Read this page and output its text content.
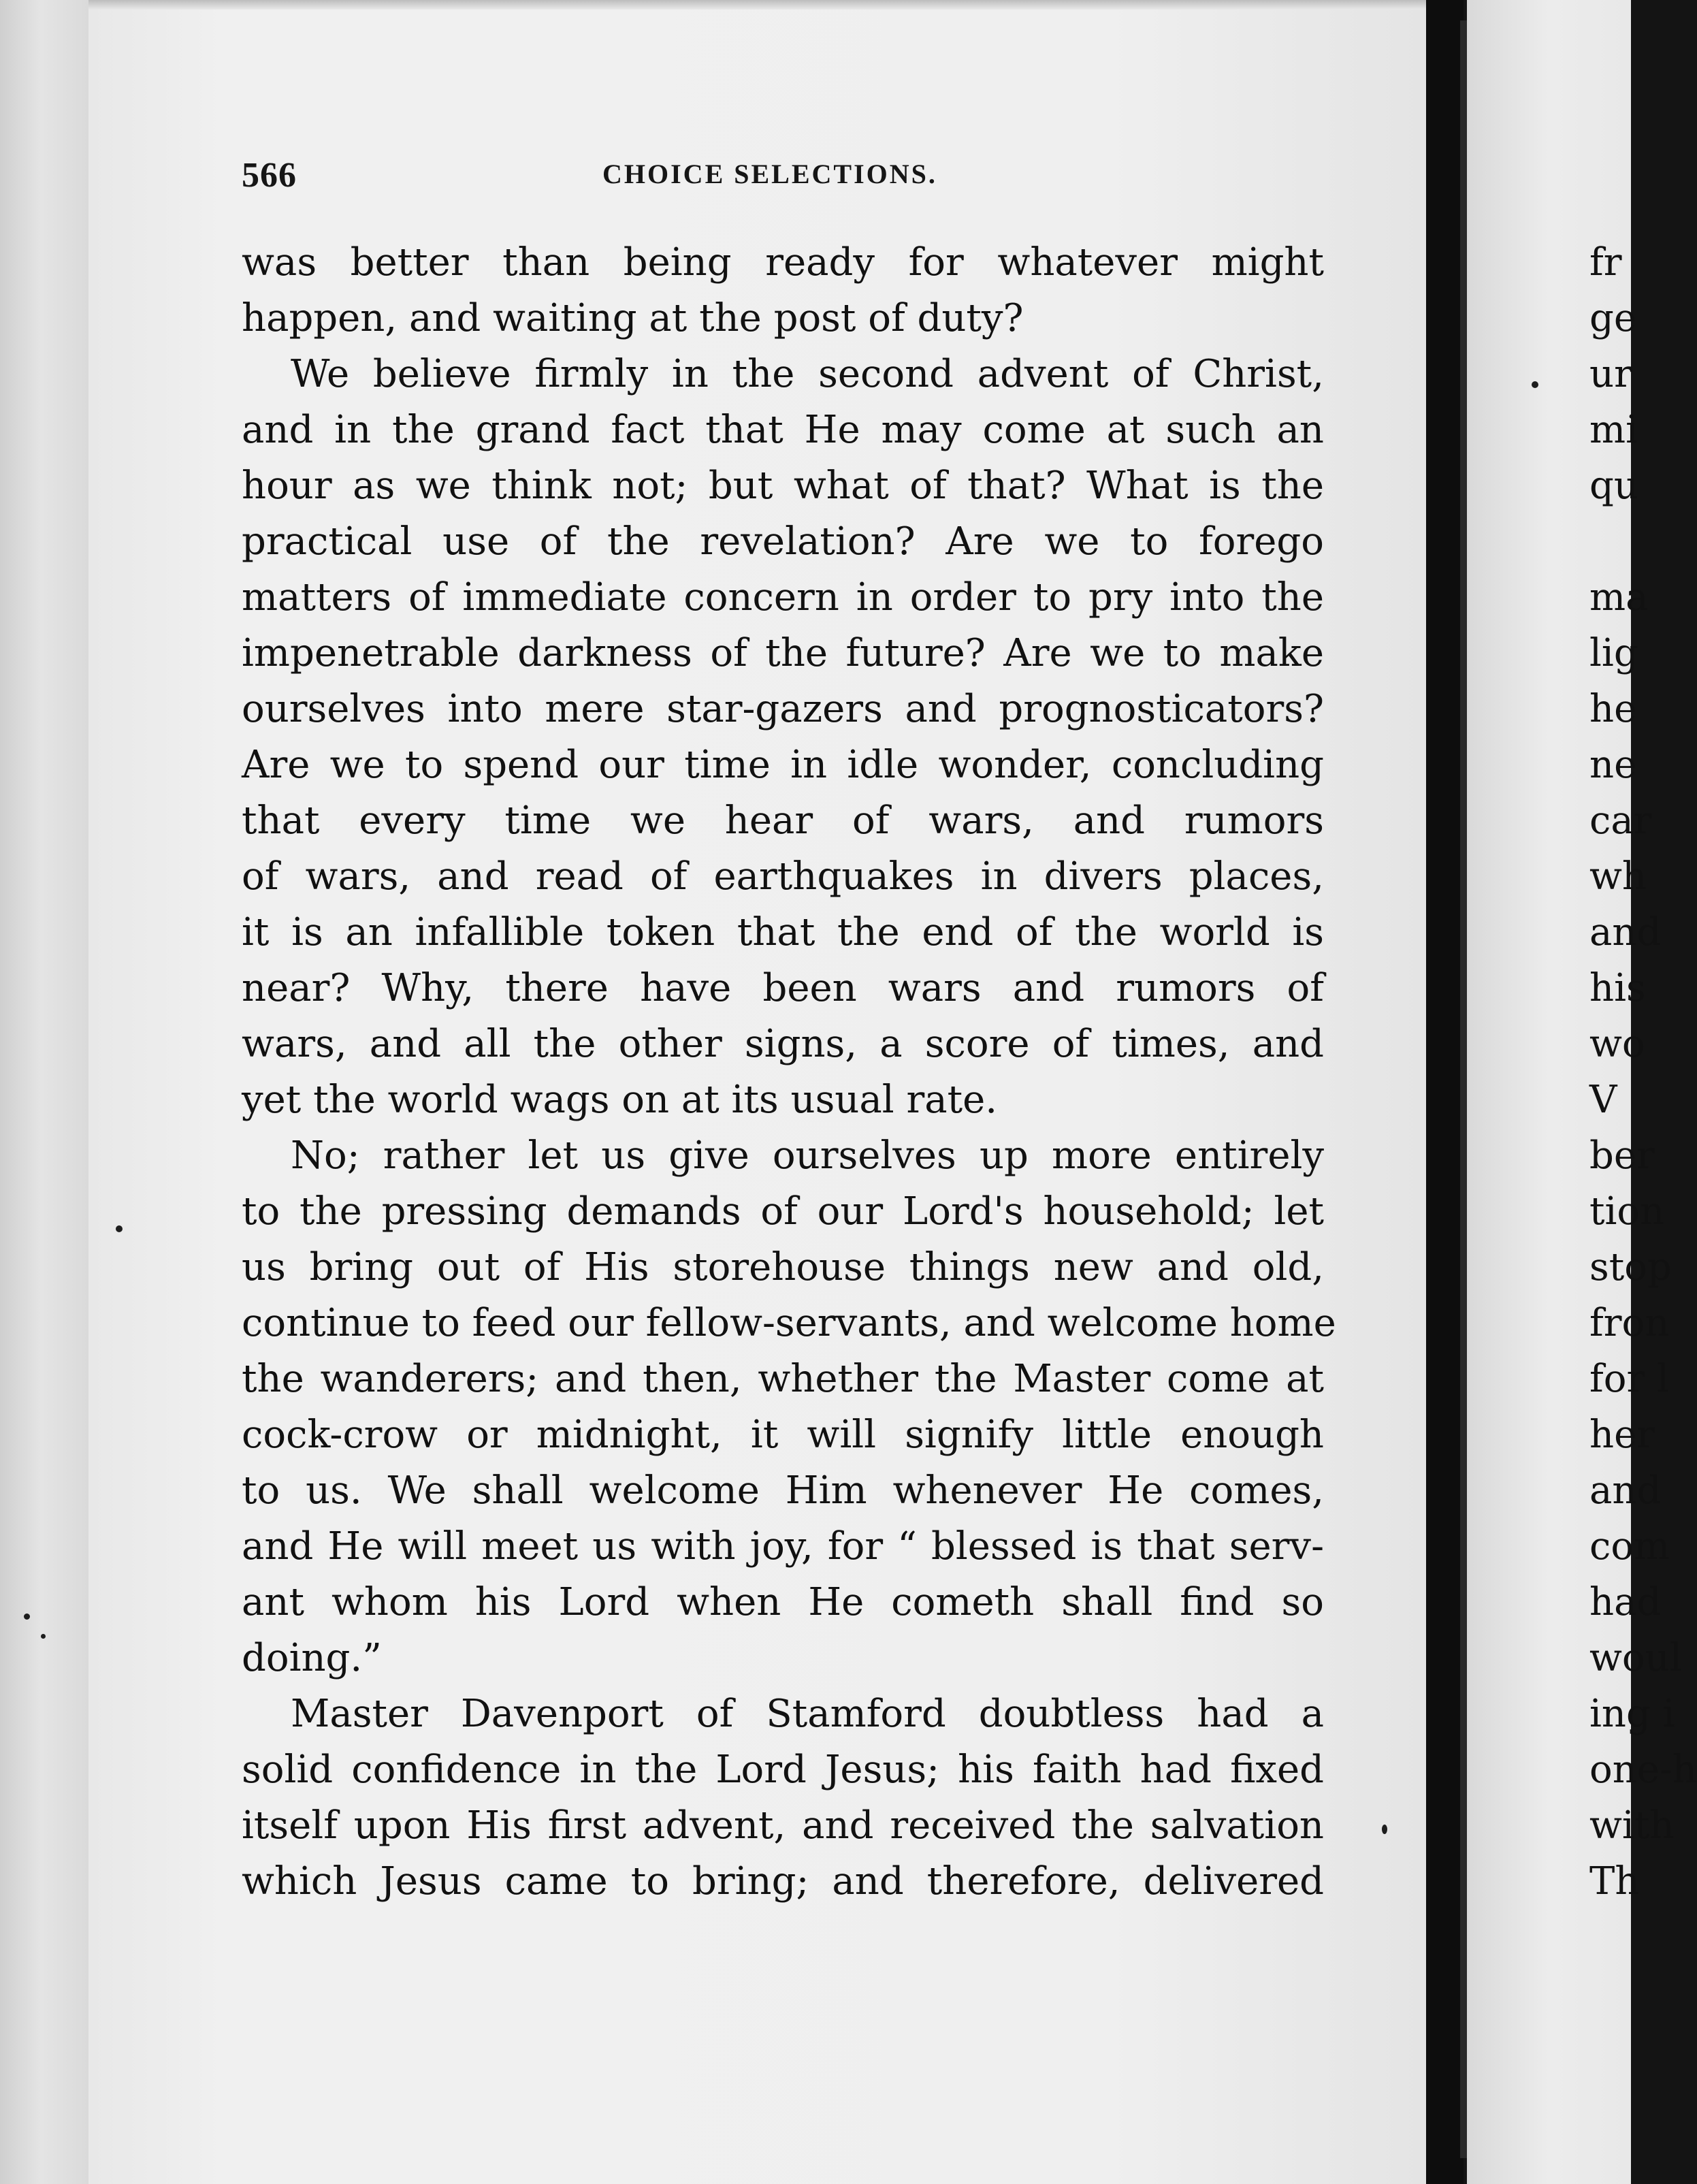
566	CHOICE SELECTIONS.
was better than being ready for whatever might
happen, and waiting at the post of duty?
We believe firmly in the second advent of Christ,
and in the grand fact that He may come at such an
hour as we think not; but what of that? What is the
practical use of the revelation? Are we to forego
matters of immediate concern in order to pry into the
impenetrable darkness of the future? Are we to make
ourselves into mere star-gazers and prognosticators?
Are we to spend our time in idle wonder, concluding
that every time we hear of wars, and rumors
of wars, and read of earthquakes in divers places,
it is an infallible token that the end of the world is
near? Why, there have been wars and rumors of
wars, and all the other signs, a score of times, and
yet the world wags on at its usual rate.
No; rather let us give ourselves up more entirely
to the pressing demands of our Lord's household; let
us bring out of His storehouse things new and old,
continue to feed our fellow-servants, and welcome home
the wanderers; and then, whether the Master come at
cock-crow or midnight, it will signify little enough
to us. We shall welcome Him whenever He comes,
and He will meet us with joy, for “ blessed is that serv-
ant whom his Lord when He cometh shall find so
doing.”
Master Davenport of Stamford doubtless had a
solid confidence in the Lord Jesus; his faith had fixed
itself upon His first advent, and received the salvation
which Jesus came to bring; and therefore, delivered
fr
ge
ur
mi
qu
ma
lig
he
ne
car
wh
and
his
wo
V
ber
tion
stop
fron
for l
her
and
com
had
woul
ing i
one-h
with
Th
